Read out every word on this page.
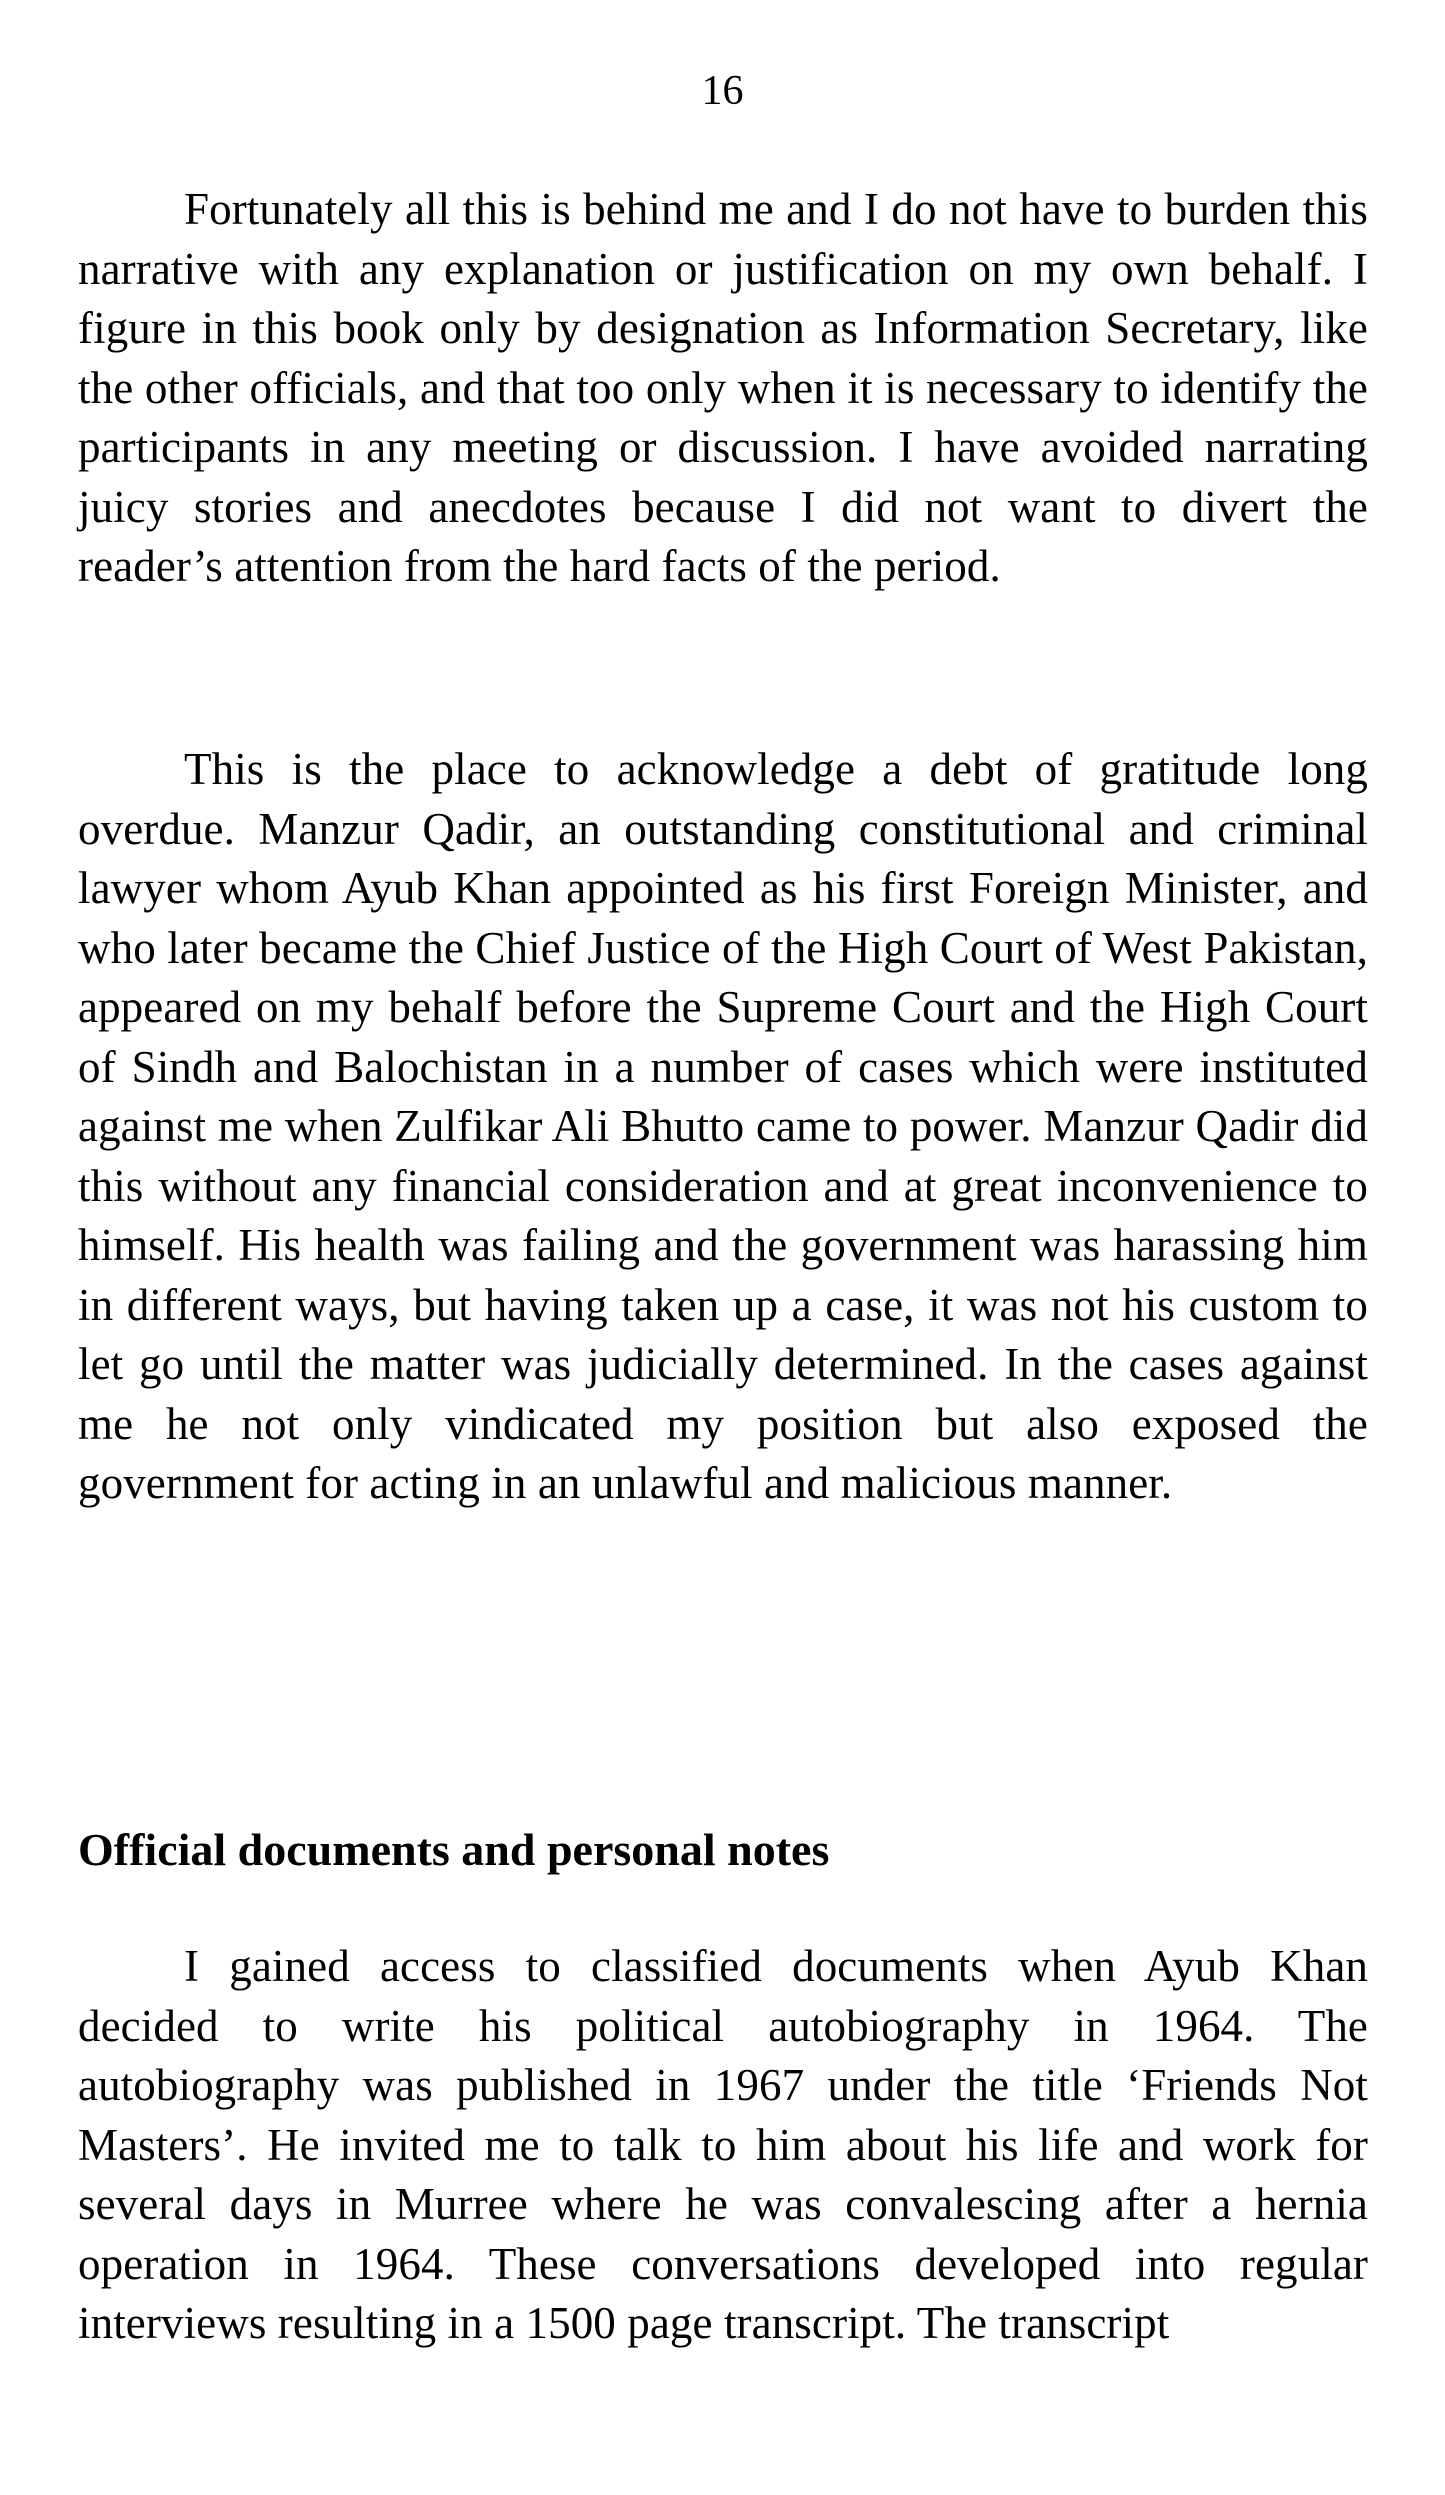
16

Fortunately all this is behind me and I do not have to burden this narrative with any explanation or justification on my own behalf. I figure in this book only by designation as Information Secretary, like the other officials, and that too only when it is necessary to identify the participants in any meeting or discussion. I have avoided narrating juicy stories and anecdotes because I did not want to divert the reader’s attention from the hard facts of the period.

This is the place to acknowledge a debt of gratitude long overdue. Manzur Qadir, an outstanding constitutional and criminal lawyer whom Ayub Khan appointed as his first Foreign Minister, and who later became the Chief Justice of the High Court of West Pakistan, appeared on my behalf before the Supreme Court and the High Court of Sindh and Balochistan in a number of cases which were instituted against me when Zulfikar Ali Bhutto came to power. Manzur Qadir did this without any financial consideration and at great inconvenience to himself. His health was failing and the government was harassing him in different ways, but having taken up a case, it was not his custom to let go until the matter was judicially determined. In the cases against me he not only vindicated my position but also exposed the government for acting in an unlawful and malicious manner.

Official documents and personal notes

I gained access to classified documents when Ayub Khan decided to write his political autobiography in 1964. The autobiography was published in 1967 under the title ‘Friends Not Masters’. He invited me to talk to him about his life and work for several days in Murree where he was convalescing after a hernia operation in 1964. These conversations developed into regular interviews resulting in a 1500 page transcript. The transcript
